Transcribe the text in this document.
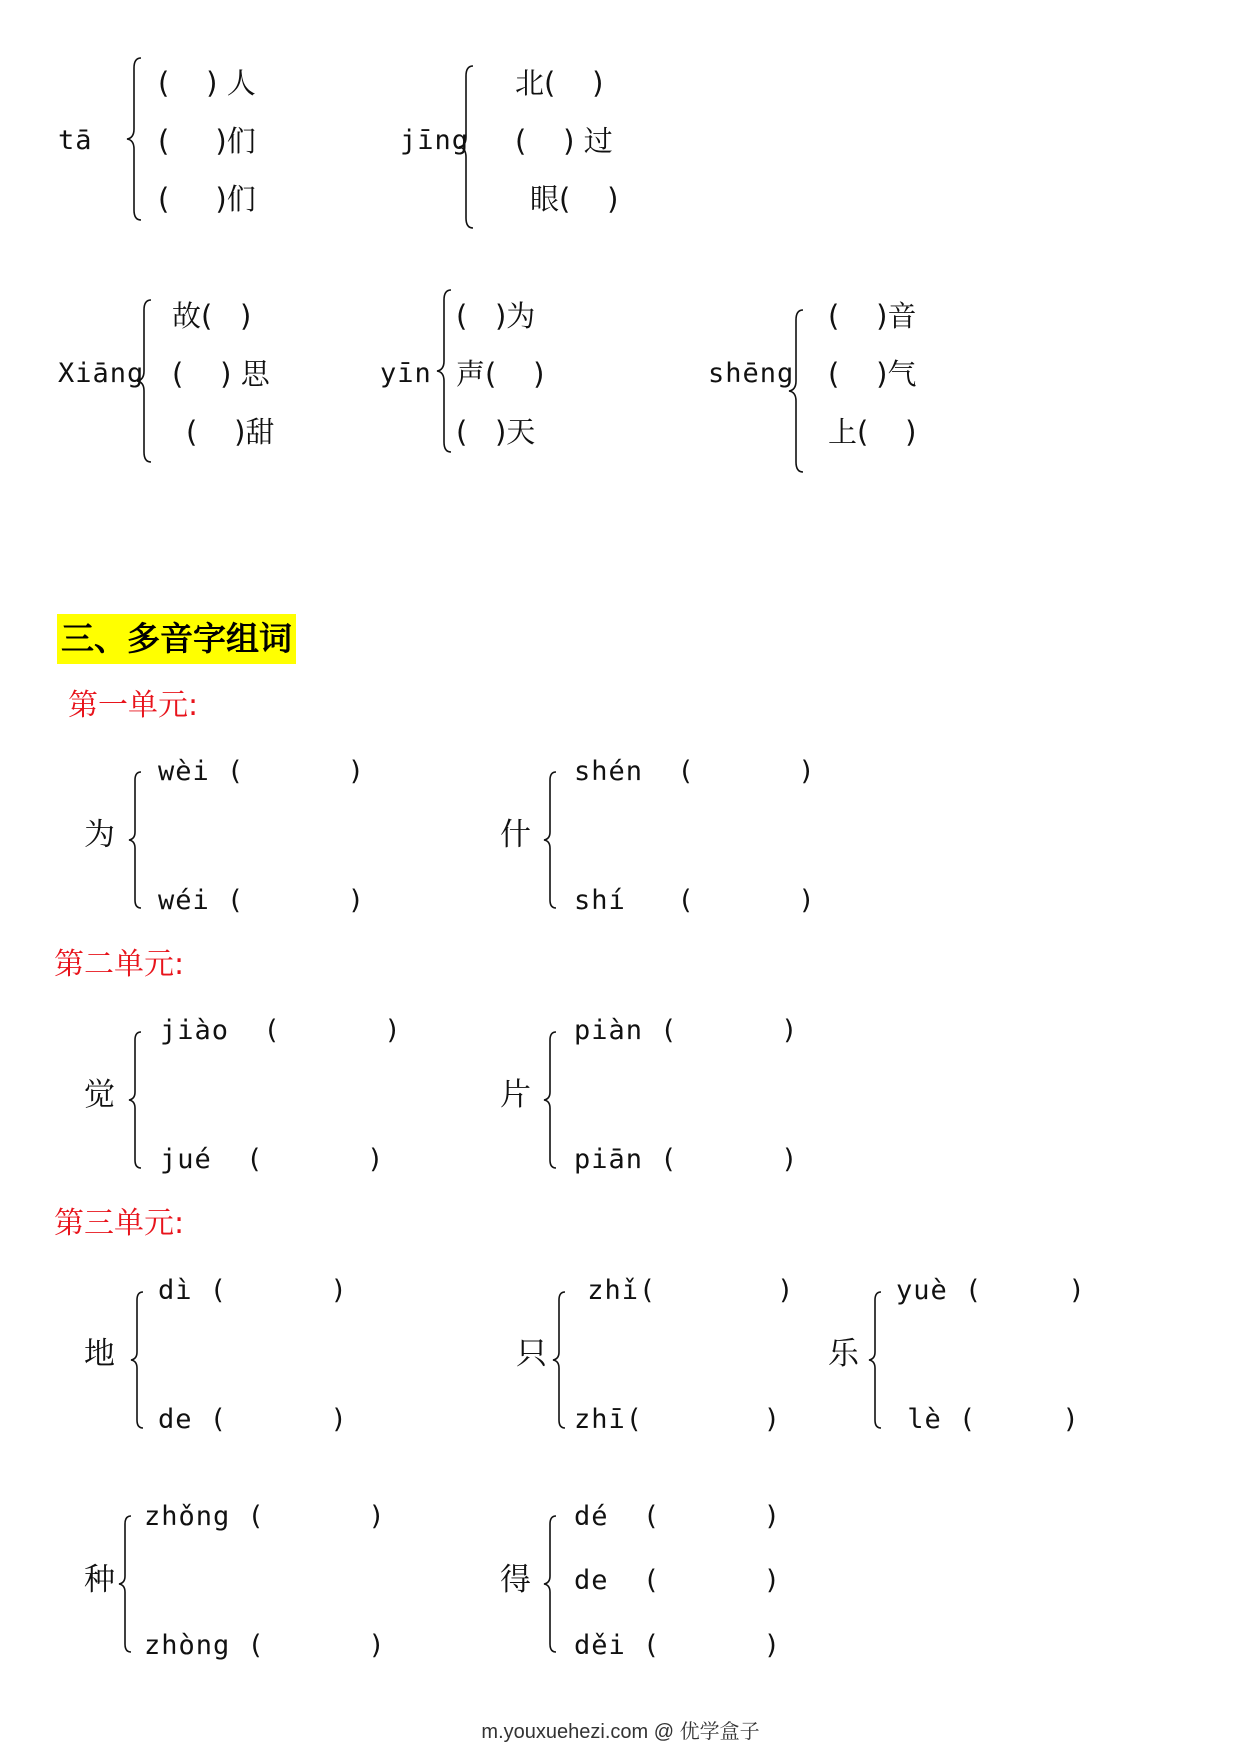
tā
(    ) 人
(     )们
(     )们
jīng
北(    )
(    ) 过
眼(    )
Xiāng
故(   )
(    ) 思
(    )甜
yīn
(   )为
声(    )
(   )天
shēng
(    )音
(    )气
上(    )
三、多音字组词
第一单元:
为
wèi (      )
wéi (      )
什
shén  (      )
shí   (      )
第二单元:
觉
jiào  (      )
jué  (      )
片
piàn (      )
piān (      )
第三单元:
地
dì (      )
de (      )
只
zhǐ(       )
zhī(       )
乐
yuè (     )
lè (     )
种
zhǒng (      )
zhòng (      )
得
dé  (      )
de  (      )
děi (      )
m.youxuehezi.com @ 优学盒子
